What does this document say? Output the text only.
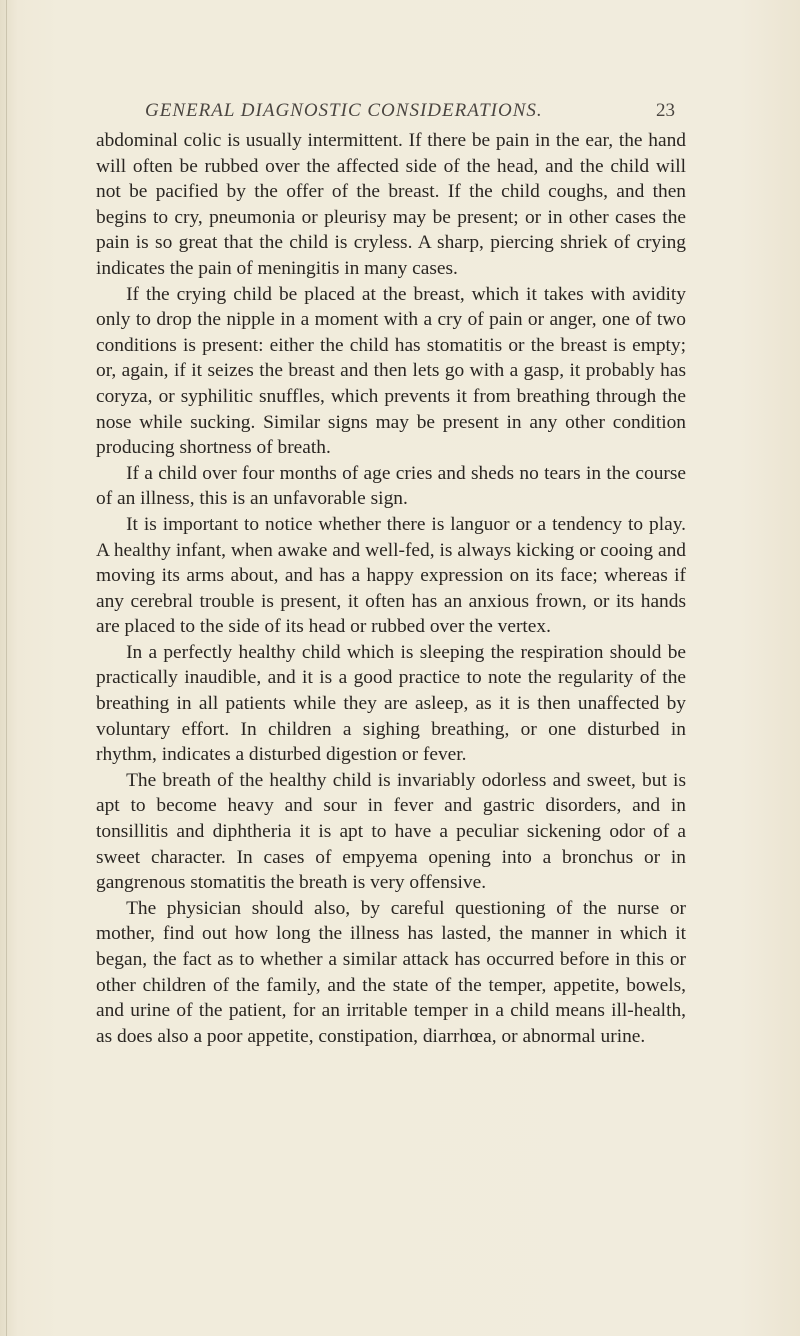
GENERAL DIAGNOSTIC CONSIDERATIONS.	23

abdominal colic is usually intermittent. If there be pain in the ear, the hand will often be rubbed over the affected side of the head, and the child will not be pacified by the offer of the breast. If the child coughs, and then begins to cry, pneumonia or pleurisy may be present; or in other cases the pain is so great that the child is cryless. A sharp, piercing shriek of crying indicates the pain of meningitis in many cases.

If the crying child be placed at the breast, which it takes with avidity only to drop the nipple in a moment with a cry of pain or anger, one of two conditions is present: either the child has stomatitis or the breast is empty; or, again, if it seizes the breast and then lets go with a gasp, it probably has coryza, or syphilitic snuffles, which prevents it from breathing through the nose while sucking. Similar signs may be present in any other condition producing shortness of breath.

If a child over four months of age cries and sheds no tears in the course of an illness, this is an unfavorable sign.

It is important to notice whether there is languor or a tendency to play. A healthy infant, when awake and well-fed, is always kicking or cooing and moving its arms about, and has a happy expression on its face; whereas if any cerebral trouble is present, it often has an anxious frown, or its hands are placed to the side of its head or rubbed over the vertex.

In a perfectly healthy child which is sleeping the respiration should be practically inaudible, and it is a good practice to note the regularity of the breathing in all patients while they are asleep, as it is then unaffected by voluntary effort. In children a sighing breathing, or one disturbed in rhythm, indicates a disturbed digestion or fever.

The breath of the healthy child is invariably odorless and sweet, but is apt to become heavy and sour in fever and gastric disorders, and in tonsillitis and diphtheria it is apt to have a peculiar sickening odor of a sweet character. In cases of empyema opening into a bronchus or in gangrenous stomatitis the breath is very offensive.

The physician should also, by careful questioning of the nurse or mother, find out how long the illness has lasted, the manner in which it began, the fact as to whether a similar attack has occurred before in this or other children of the family, and the state of the temper, appetite, bowels, and urine of the patient, for an irritable temper in a child means ill-health, as does also a poor appetite, constipation, diarrhœa, or abnormal urine.
